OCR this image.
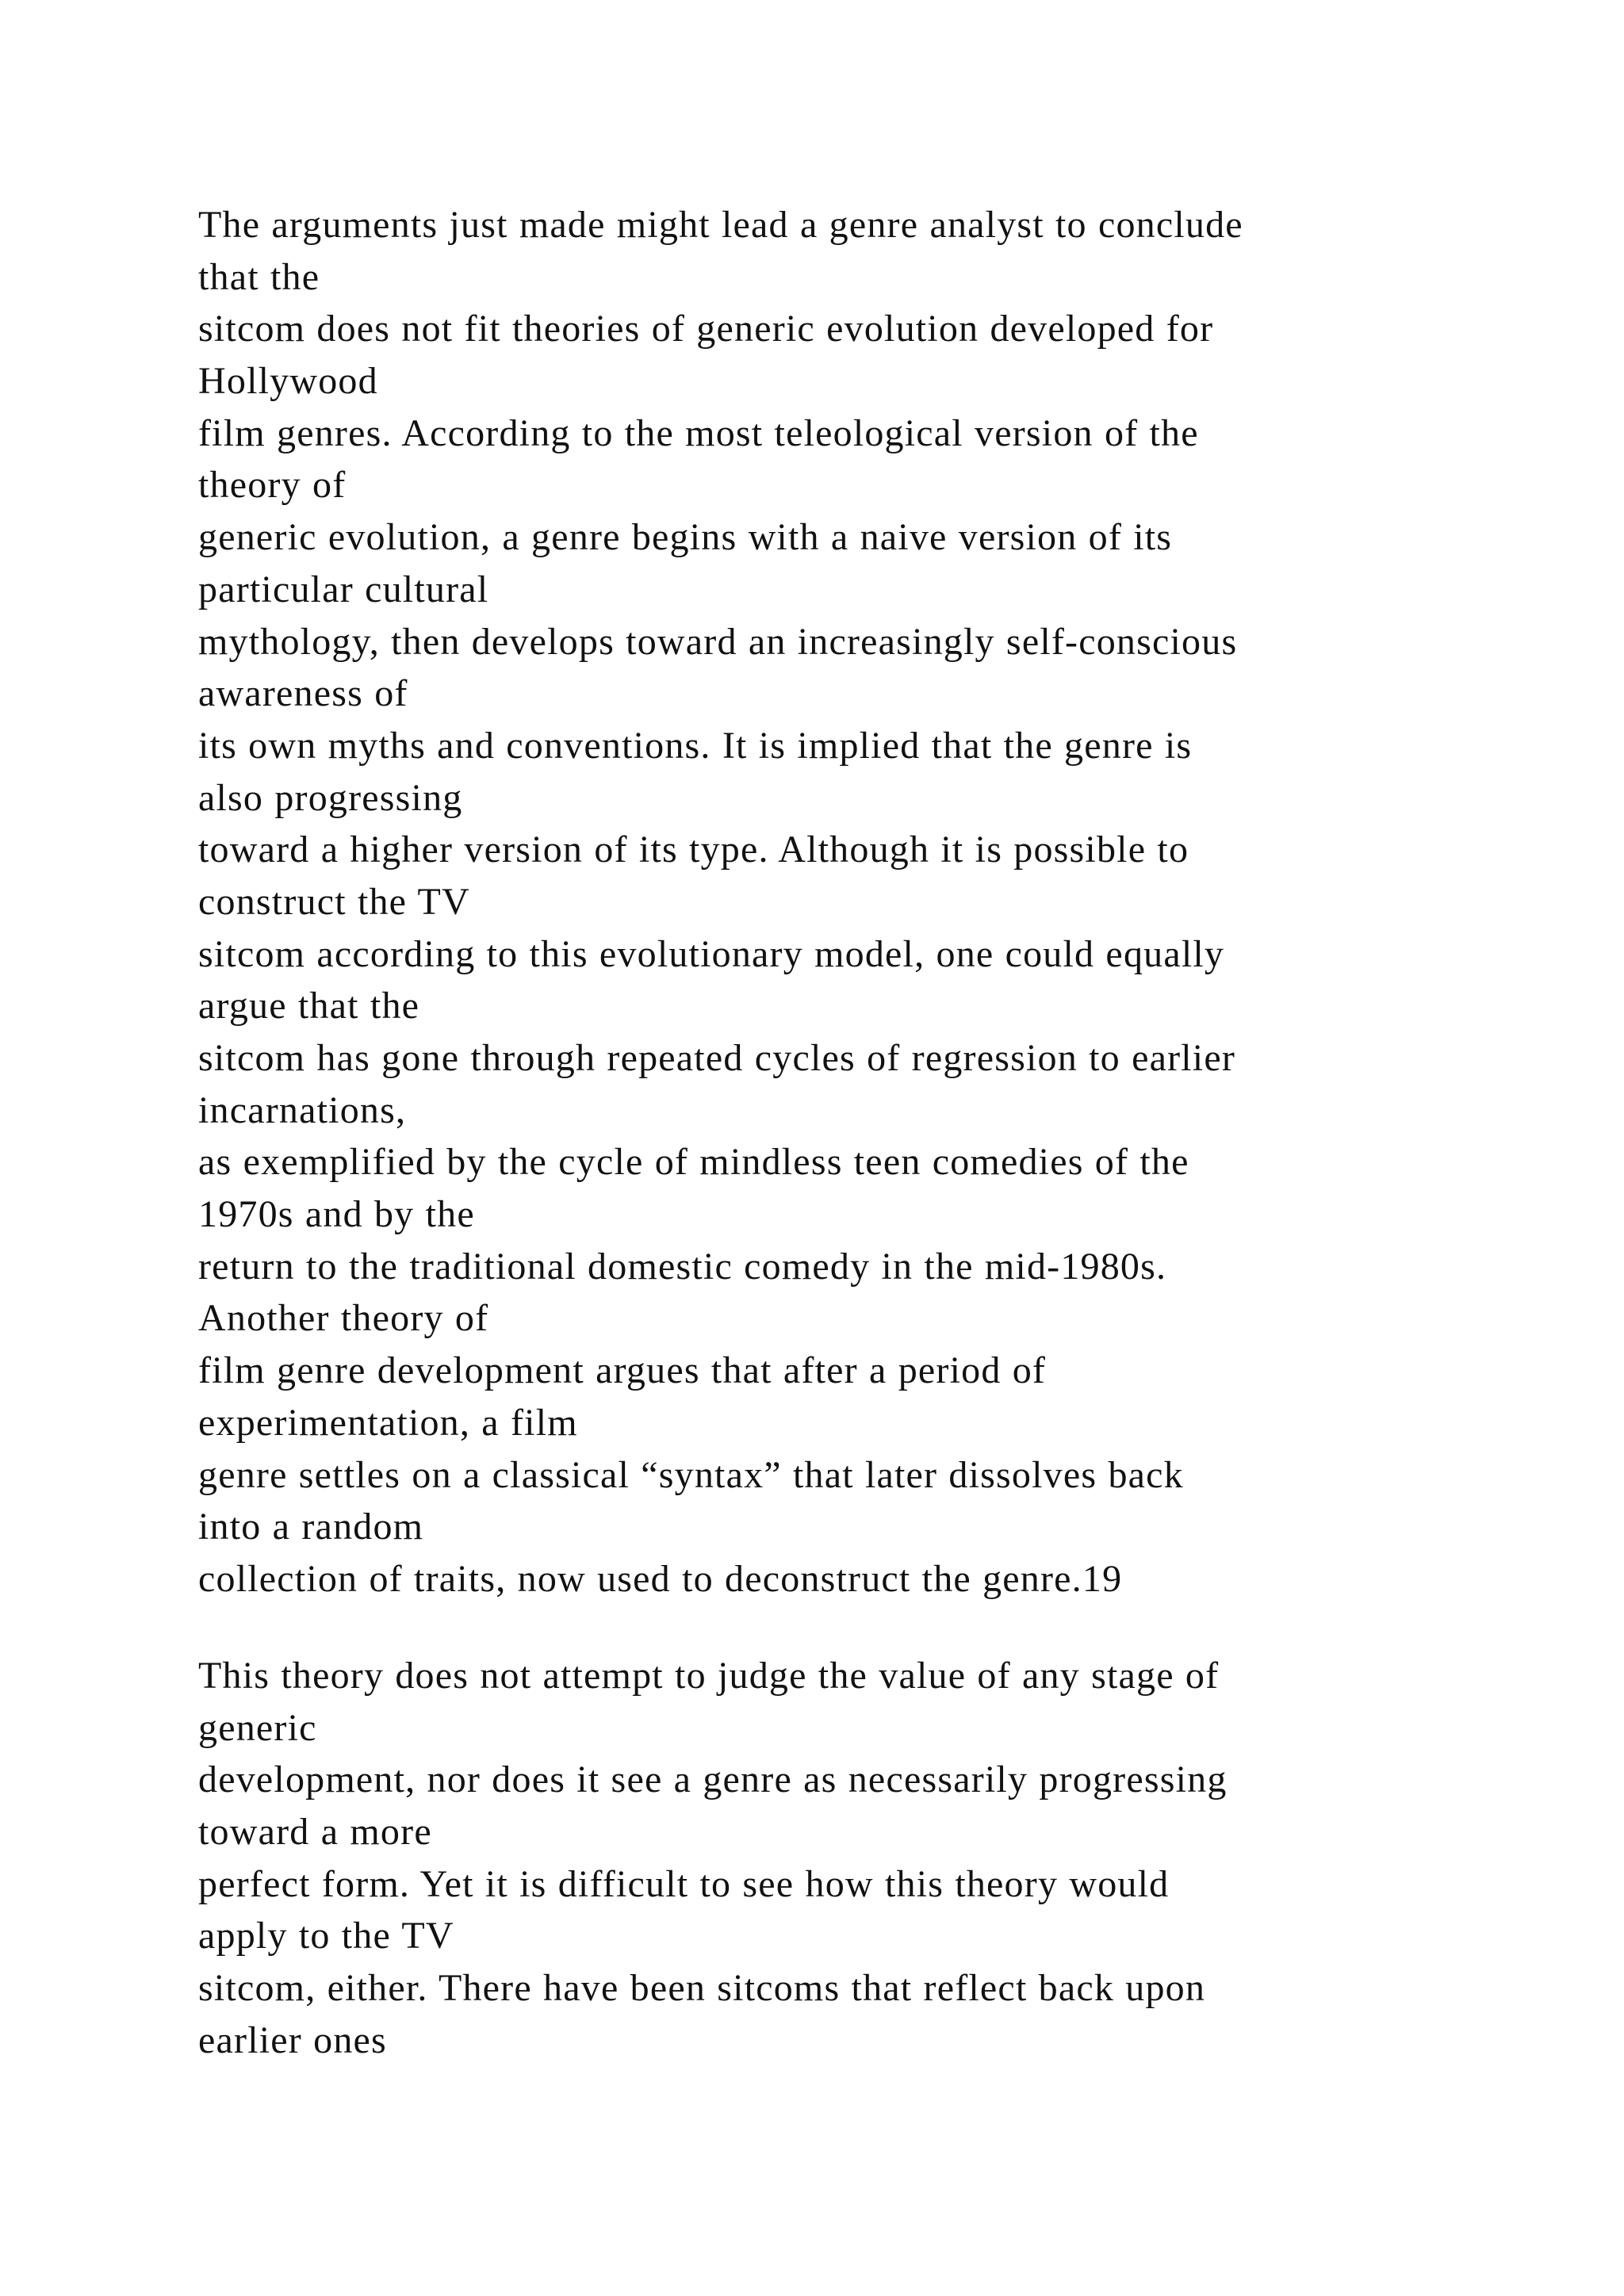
The arguments just made might lead a genre analyst to conclude
that the
sitcom does not fit theories of generic evolution developed for
Hollywood
film genres. According to the most teleological version of the
theory of
generic evolution, a genre begins with a naive version of its
particular cultural
mythology, then develops toward an increasingly self-conscious
awareness of
its own myths and conventions. It is implied that the genre is
also progressing
toward a higher version of its type. Although it is possible to
construct the TV
sitcom according to this evolutionary model, one could equally
argue that the
sitcom has gone through repeated cycles of regression to earlier
incarnations,
as exemplified by the cycle of mindless teen comedies of the
1970s and by the
return to the traditional domestic comedy in the mid-1980s.
Another theory of
film genre development argues that after a period of
experimentation, a film
genre settles on a classical “syntax” that later dissolves back
into a random
collection of traits, now used to deconstruct the genre.19
This theory does not attempt to judge the value of any stage of
generic
development, nor does it see a genre as necessarily progressing
toward a more
perfect form. Yet it is difficult to see how this theory would
apply to the TV
sitcom, either. There have been sitcoms that reflect back upon
earlier ones
